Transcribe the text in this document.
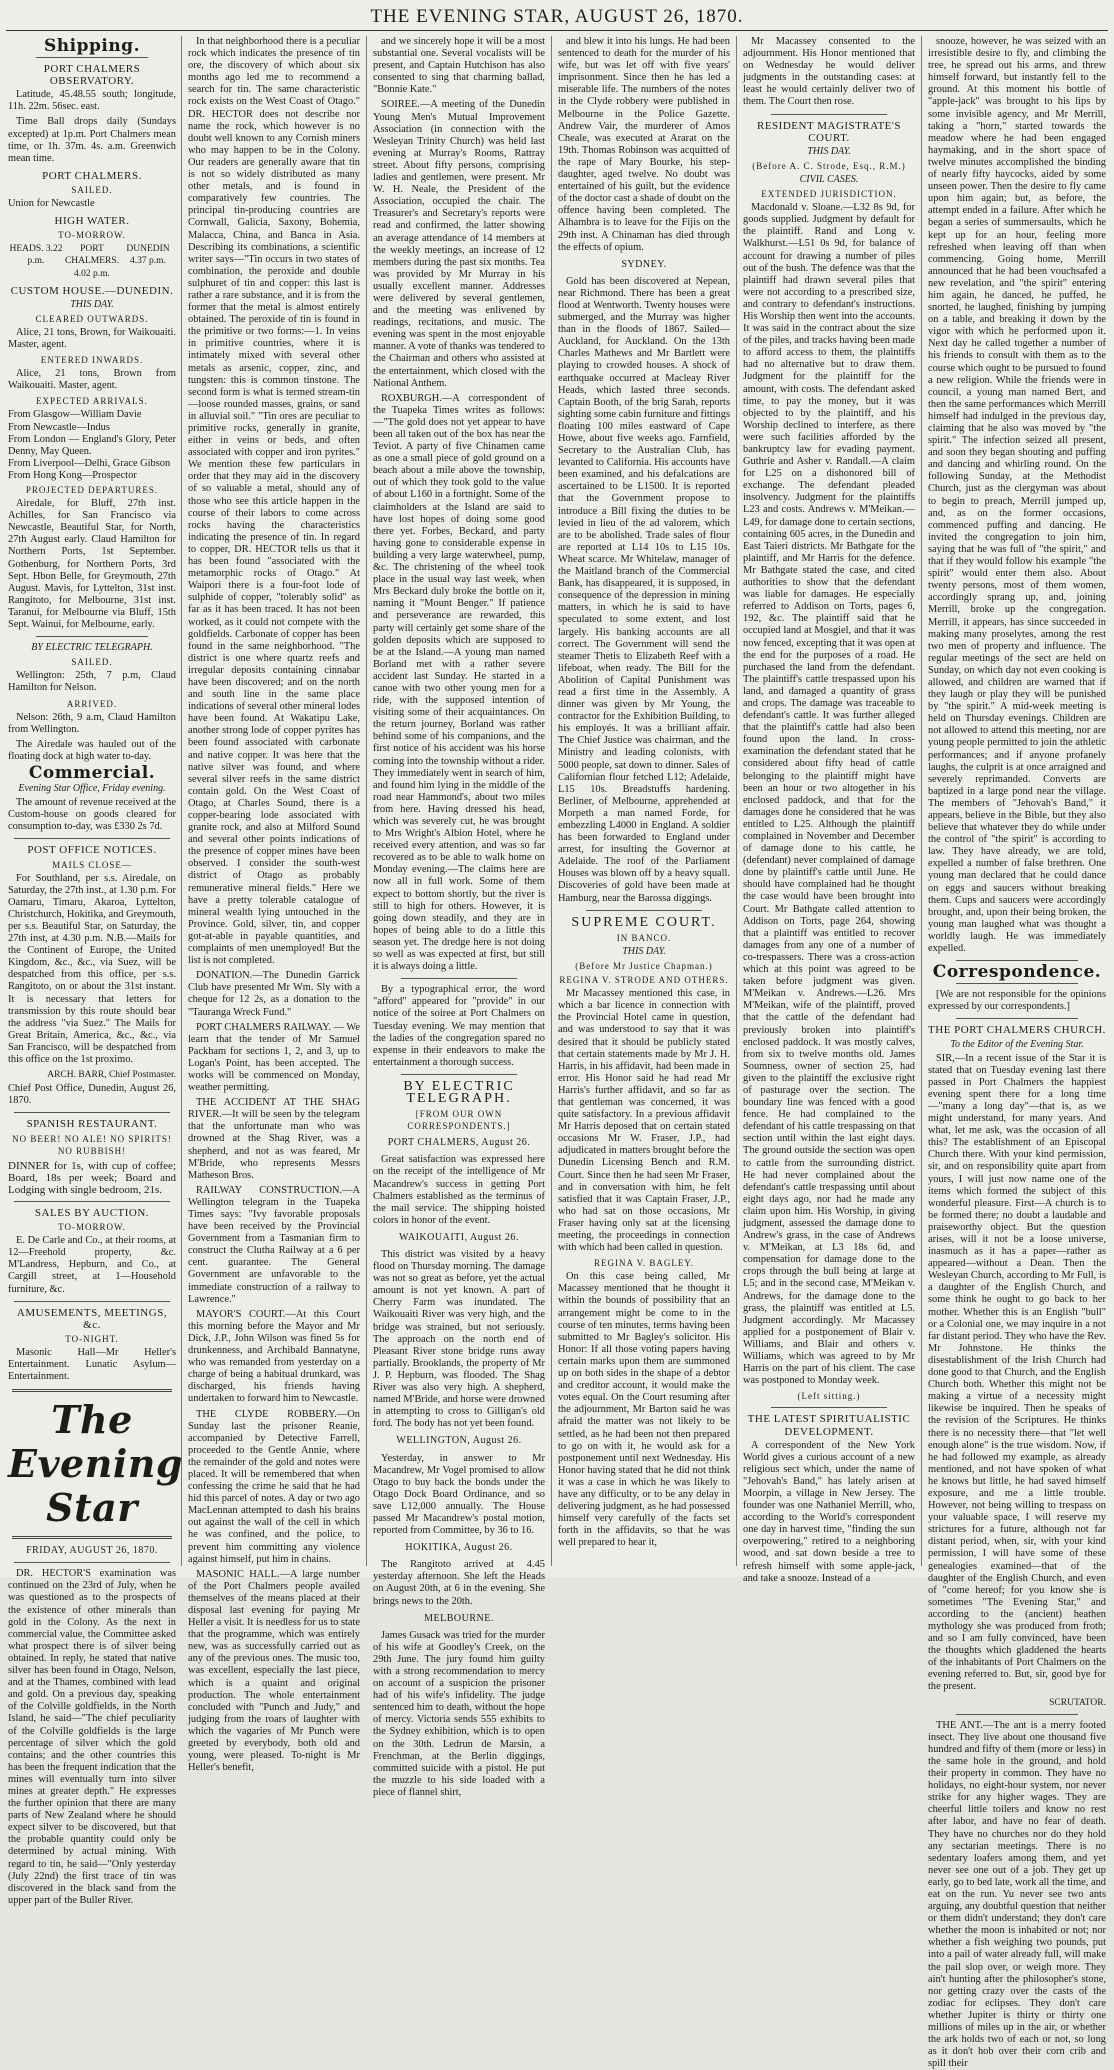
THE EVENING STAR, AUGUST 26, 1870.
Shipping.
PORT CHALMERS OBSERVATORY.

Latitude, 45.48.55 south; longitude, 11h. 22m. 56sec. east.

Time Ball drops daily (Sundays excepted) at 1p.m. Port Chalmers mean time, or 1h. 37m. 4s. a.m. Greenwich mean time.

PORT CHALMERS.
SAILED.

Union for Newcastle

HIGH WATER.
TO-MORROW.
HEADS. 3.22 p.m.
PORT CHALMERS. 4.02 p.m.
DUNEDIN 4.37 p.m.
CUSTOM HOUSE.—DUNEDIN.
THIS DAY.
CLEARED OUTWARDS.

Alice, 21 tons, Brown, for Waikouaiti. Master, agent.

ENTERED INWARDS.

Alice, 21 tons, Brown from Waikouaiti. Master, agent.

EXPECTED ARRIVALS.

From Glasgow—William Davie

From Newcastle—Indus

From London — England's Glory, Peter Denny, May Queen.

From Liverpool—Delhi, Grace Gibson

From Hong Kong—Prospector

PROJECTED DEPARTURES.

Airedale, for Bluff, 27th inst. Achilles, for San Francisco via Newcastle, Beautiful Star, for North, 27th August early. Claud Hamilton for Northern Ports, 1st September. Gothenburg, for Northern Ports, 3rd Sept. Hbon Belle, for Greymouth, 27th August. Mavis, for Lyttelton, 31st inst. Rangitoto, for Melbourne, 31st inst. Taranui, for Melbourne via Bluff, 15th Sept. Wainui, for Melbourne, early.

BY ELECTRIC TELEGRAPH.
SAILED.

Wellington: 25th, 7 p.m, Claud Hamilton for Nelson.

ARRIVED.

Nelson: 26th, 9 a.m, Claud Hamilton from Wellington.

The Airedale was hauled out of the floating dock at high water to-day.

Commercial.
Evening Star Office, Friday evening.

The amount of revenue received at the Custom-house on goods cleared for consumption to-day, was £330 2s 7d.

POST OFFICE NOTICES.
MAILS CLOSE—

For Southland, per s.s. Airedale, on Saturday, the 27th inst., at 1.30 p.m. For Oamaru, Timaru, Akaroa, Lyttelton, Christchurch, Hokitika, and Greymouth, per s.s. Beautiful Star, on Saturday, the 27th inst, at 4.30 p.m. N.B.—Mails for the Continent of Europe, the United Kingdom, &c., &c., via Suez, will be despatched from this office, per s.s. Rangitoto, on or about the 31st instant. It is necessary that letters for transmission by this route should bear the address "via Suez." The Mails for Great Britain, America, &c., &c., via San Francisco, will be despatched from this office on the 1st proximo.

ARCH. BARR, Chief Postmaster.

Chief Post Office, Dunedin, August 26, 1870.

SPANISH RESTAURANT.
NO BEER! NO ALE! NO SPIRITS! NO RUBBISH!

DINNER for 1s, with cup of coffee; Board, 18s per week; Board and Lodging with single bedroom, 21s.

SALES BY AUCTION.
TO-MORROW.

E. De Carle and Co., at their rooms, at 12—Freehold property, &c. M'Landress, Hepburn, and Co., at Cargill street, at 1—Household furniture, &c.

AMUSEMENTS, MEETINGS, &c.
TO-NIGHT.

Masonic Hall—Mr Heller's Entertainment. Lunatic Asylum—Entertainment.

The Evening Star
FRIDAY, AUGUST 26, 1870.

DR. HECTOR'S examination was continued on the 23rd of July, when he was questioned as to the prospects of the existence of other minerals than gold in the Colony. As the next in commercial value, the Committee asked what prospect there is of silver being obtained. In reply, he stated that native silver has been found in Otago, Nelson, and at the Thames, combined with lead and gold. On a previous day, speaking of the Colville goldfields, in the North Island, he said—"The chief peculiarity of the Colville goldfields is the large percentage of silver which the gold contains; and the other countries this has been the frequent indication that the mines will eventually turn into silver mines at greater depth." He expresses the further opinion that there are many parts of New Zealand where he should expect silver to be discovered, but that the probable quantity could only be determined by actual mining. With regard to tin, he said—"Only yesterday (July 22nd) the first trace of tin was discovered in the black sand from the upper part of the Buller River.

In that neighborhood there is a peculiar rock which indicates the presence of tin ore, the discovery of which about six months ago led me to recommend a search for tin. The same characteristic rock exists on the West Coast of Otago." DR. HECTOR does not describe nor name the rock, which however is no doubt well known to any Cornish miners who may happen to be in the Colony. Our readers are generally aware that tin is not so widely distributed as many other metals, and is found in comparatively few countries. The principal tin-producing countries are Cornwall, Galicia, Saxony, Bohemia, Malacca, China, and Banca in Asia. Describing its combinations, a scientific writer says—"Tin occurs in two states of combination, the peroxide and double sulphuret of tin and copper: this last is rather a rare substance, and it is from the former that the metal is almost entirely obtained. The peroxide of tin is found in the primitive or two forms:—1. In veins in primitive countries, where it is intimately mixed with several other metals as arsenic, copper, zinc, and tungsten: this is common tinstone. The second form is what is termed stream-tin—loose rounded masses, grains, or sand in alluvial soil." "Tin ores are peculiar to primitive rocks, generally in granite, either in veins or beds, and often associated with copper and iron pyrites." We mention these few particulars in order that they may aid in the discovery of so valuable a metal, should any of those who see this article happen in the course of their labors to come across rocks having the characteristics indicating the presence of tin. In regard to copper, DR. HECTOR tells us that it has been found "associated with the metamorphic rocks of Otago." At Waipori there is a four-foot lode of sulphide of copper, "tolerably solid" as far as it has been traced. It has not been worked, as it could not compete with the goldfields. Carbonate of copper has been found in the same neighborhood. "The district is one where quartz reefs and irregular deposits containing cinnabar have been discovered; and on the north and south line in the same place indications of several other mineral lodes have been found. At Wakatipu Lake, another strong lode of copper pyrites has been found associated with carbonate and native copper. It was here that the native silver was found, and where several silver reefs in the same district contain gold. On the West Coast of Otago, at Charles Sound, there is a copper-bearing lode associated with granite rock, and also at Milford Sound and several other points indications of the presence of copper mines have been observed. I consider the south-west district of Otago as probably remunerative mineral fields." Here we have a pretty tolerable catalogue of mineral wealth lying untouched in the Province. Gold, silver, tin, and copper got-at-able in payable quantities, and complaints of men unemployed! But the list is not completed.

DONATION.—The Dunedin Garrick Club have presented Mr Wm. Sly with a cheque for 12 2s, as a donation to the "Tauranga Wreck Fund."

PORT CHALMERS RAILWAY. — We learn that the tender of Mr Samuel Packham for sections 1, 2, and 3, up to Logan's Point, has been accepted. The works will be commenced on Monday, weather permitting.

THE ACCIDENT AT THE SHAG RIVER.—It will be seen by the telegram that the unfortunate man who was drowned at the Shag River, was a shepherd, and not as was feared, Mr M'Bride, who represents Messrs Matheson Bros.

RAILWAY CONSTRUCTION.—A Wellington telegram in the Tuapeka Times says: "Ivy favorable proposals have been received by the Provincial Government from a Tasmanian firm to construct the Clutha Railway at a 6 per cent. guarantee. The General Government are unfavorable to the immediate construction of a railway to Lawrence."

MAYOR'S COURT.—At this Court this morning before the Mayor and Mr Dick, J.P., John Wilson was fined 5s for drunkenness, and Archibald Bannatyne, who was remanded from yesterday on a charge of being a habitual drunkard, was discharged, his friends having undertaken to forward him to Newcastle.

THE CLYDE ROBBERY.—On Sunday last the prisoner Reanie, accompanied by Detective Farrell, proceeded to the Gentle Annie, where the remainder of the gold and notes were placed. It will be remembered that when confessing the crime he said that he had hid this parcel of notes. A day or two ago MacLennan attempted to dash his brains out against the wall of the cell in which he was confined, and the police, to prevent him committing any violence against himself, put him in chains.

MASONIC HALL.—A large number of the Port Chalmers people availed themselves of the means placed at their disposal last evening for paying Mr Heller a visit. It is needless for us to state that the programme, which was entirely new, was as successfully carried out as any of the previous ones. The music too, was excellent, especially the last piece, which is a quaint and original production. The whole entertainment concluded with "Punch and Judy," and judging from the roars of laughter with which the vagaries of Mr Punch were greeted by everybody, both old and young, were pleased. To-night is Mr Heller's benefit,

and we sincerely hope it will be a most substantial one. Several vocalists will be present, and Captain Hutchison has also consented to sing that charming ballad, "Bonnie Kate."

SOIREE.—A meeting of the Dunedin Young Men's Mutual Improvement Association (in connection with the Wesleyan Trinity Church) was held last evening at Murray's Rooms, Rattray street. About fifty persons, comprising ladies and gentlemen, were present. Mr W. H. Neale, the President of the Association, occupied the chair. The Treasurer's and Secretary's reports were read and confirmed, the latter showing an average attendance of 14 members at the weekly meetings, an increase of 12 members during the past six months. Tea was provided by Mr Murray in his usually excellent manner. Addresses were delivered by several gentlemen, and the meeting was enlivened by readings, recitations, and music. The evening was spent in the most enjoyable manner. A vote of thanks was tendered to the Chairman and others who assisted at the entertainment, which closed with the National Anthem.

ROXBURGH.—A correspondent of the Tuapeka Times writes as follows:—"The gold does not yet appear to have been all taken out of the box has near the Teviot. A party of five Chinamen came as one a small piece of gold ground on a beach about a mile above the township, out of which they took gold to the value of about L160 in a fortnight. Some of the claimholders at the Island are said to have lost hopes of doing some good there yet. Forbes, Beckard, and party having gone to considerable expense in building a very large waterwheel, pump, &c. The christening of the wheel took place in the usual way last week, when Mrs Beckard duly broke the bottle on it, naming it "Mount Benger." If patience and perseverance are rewarded, this party will certainly get some share of the golden deposits which are supposed to be at the Island.—A young man named Borland met with a rather severe accident last Sunday. He started in a canoe with two other young men for a ride, with the supposed intention of visiting some of their acquaintances. On the return journey, Borland was rather behind some of his companions, and the first notice of his accident was his horse coming into the township without a rider. They immediately went in search of him, and found him lying in the middle of the road near Hammond's, about two miles from here. Having dressed his head, which was severely cut, he was brought to Mrs Wright's Albion Hotel, where he received every attention, and was so far recovered as to be able to walk home on Monday evening.—The claims here are now all in full work. Some of them expect to bottom shortly, but the river is still to high for others. However, it is going down steadily, and they are in hopes of being able to do a little this season yet. The dredge here is not doing so well as was expected at first, but still it is always doing a little.

By a typographical error, the word "afford" appeared for "provide" in our notice of the soiree at Port Chalmers on Tuesday evening. We may mention that the ladies of the congregation spared no expense in their endeavors to make the entertainment a thorough success.

BY ELECTRIC TELEGRAPH.
[FROM OUR OWN CORRESPONDENTS.]
PORT CHALMERS, August 26.

Great satisfaction was expressed here on the receipt of the intelligence of Mr Macandrew's success in getting Port Chalmers established as the terminus of the mail service. The shipping hoisted colors in honor of the event.

WAIKOUAITI, August 26.

This district was visited by a heavy flood on Thursday morning. The damage was not so great as before, yet the actual amount is not yet known. A part of Cherry Farm was inundated. The Waikouaiti River was very high, and the bridge was strained, but not seriously. The approach on the north end of Pleasant River stone bridge runs away partially. Brooklands, the property of Mr J. P. Hepburn, was flooded. The Shag River was also very high. A shepherd, named M'Bride, and horse were drowned in attempting to cross to Gilligan's old ford. The body has not yet been found.

WELLINGTON, August 26.

Yesterday, in answer to Mr Macandrew, Mr Vogel promised to allow Otago to buy back the bonds under the Otago Dock Board Ordinance, and so save L12,000 annually. The House passed Mr Macandrew's postal motion, reported from Committee, by 36 to 16.

HOKITIKA, August 26.

The Rangitoto arrived at 4.45 yesterday afternoon. She left the Heads on August 20th, at 6 in the evening. She brings news to the 20th.

MELBOURNE.

James Gusack was tried for the murder of his wife at Goodley's Creek, on the 29th June. The jury found him guilty with a strong recommendation to mercy on account of a suspicion the prisoner had of his wife's infidelity. The judge sentenced him to death, without the hope of mercy. Victoria sends 555 exhibits to the Sydney exhibition, which is to open on the 30th. Ledrun de Marsin, a Frenchman, at the Berlin diggings, committed suicide with a pistol. He put the muzzle to his side loaded with a piece of flannel shirt,

and blew it into his lungs. He had been sentenced to death for the murder of his wife, but was let off with five years' imprisonment. Since then he has led a miserable life. The numbers of the notes in the Clyde robbery were published in Melbourne in the Police Gazette. Andrew Vair, the murderer of Amos Cheale, was executed at Ararat on the 19th. Thomas Robinson was acquitted of the rape of Mary Bourke, his step-daughter, aged twelve. No doubt was entertained of his guilt, but the evidence of the doctor cast a shade of doubt on the offence having been completed. The Alhambra is to leave for the Fijis on the 29th inst. A Chinaman has died through the effects of opium.

SYDNEY.

Gold has been discovered at Nepean, near Richmond. There has been a great flood at Wentworth. Twenty houses were submerged, and the Murray was higher than in the floods of 1867. Sailed—Auckland, for Auckland. On the 13th Charles Mathews and Mr Bartlett were playing to crowded houses. A shock of earthquake occurred at Macleay River Heads, which lasted three seconds. Captain Booth, of the brig Sarah, reports sighting some cabin furniture and fittings floating 100 miles eastward of Cape Howe, about five weeks ago. Farnfield, Secretary to the Australian Club, has levanted to California. His accounts have been examined, and his defalcations are ascertained to be L1500. It is reported that the Government propose to introduce a Bill fixing the duties to be levied in lieu of the ad valorem, which are to be abolished. Trade sales of flour are reported at L14 10s to L15 10s. Wheat scarce. Mr Whitelaw, manager of the Maitland branch of the Commercial Bank, has disappeared, it is supposed, in consequence of the depression in mining matters, in which he is said to have speculated to some extent, and lost largely. His banking accounts are all correct. The Government will send the steamer Thetis to Elizabeth Reef with a lifeboat, when ready. The Bill for the Abolition of Capital Punishment was read a first time in the Assembly. A dinner was given by Mr Young, the contractor for the Exhibition Building, to his employés. It was a brilliant affair. The Chief Justice was chairman, and the Ministry and leading colonists, with 5000 people, sat down to dinner. Sales of Californian flour fetched L12; Adelaide, L15 10s. Breadstuffs hardening. Berliner, of Melbourne, apprehended at Morpeth a man named Forde, for embezzling L4000 in England. A soldier has been forwarded to England under arrest, for insulting the Governor at Adelaide. The roof of the Parliament Houses was blown off by a heavy squall. Discoveries of gold have been made at Hamburg, near the Barossa diggings.

SUPREME COURT.
IN BANCO.
THIS DAY.
(Before Mr Justice Chapman.)
REGINA V. STRODE AND OTHERS.

Mr Macassey mentioned this case, in which a bar licence in connection with the Provincial Hotel came in question, and was understood to say that it was desired that it should be publicly stated that certain statements made by Mr J. H. Harris, in his affidavit, had been made in error. His Honor said he had read Mr Harris's further affidavit, and so far as that gentleman was concerned, it was quite satisfactory. In a previous affidavit Mr Harris deposed that on certain stated occasions Mr W. Fraser, J.P., had adjudicated in matters brought before the Dunedin Licensing Bench and R.M. Court. Since then he had seen Mr Fraser, and in conversation with him, he felt satisfied that it was Captain Fraser, J.P., who had sat on those occasions, Mr Fraser having only sat at the licensing meeting, the proceedings in connection with which had been called in question.

REGINA V. BAGLEY.

On this case being called, Mr Macassey mentioned that he thought it within the bounds of possibility that an arrangement might be come to in the course of ten minutes, terms having been submitted to Mr Bagley's solicitor. His Honor: If all those voting papers having certain marks upon them are summoned up on both sides in the shape of a debtor and creditor account, it would make the votes equal. On the Court resuming after the adjournment, Mr Barton said he was afraid the matter was not likely to be settled, as he had been not then prepared to go on with it, he would ask for a postponement until next Wednesday. His Honor having stated that he did not think it was a case in which he was likely to have any difficulty, or to be any delay in delivering judgment, as he had possessed himself very carefully of the facts set forth in the affidavits, so that he was well prepared to hear it,

Mr Macassey consented to the adjournment. His Honor mentioned that on Wednesday he would deliver judgments in the outstanding cases: at least he would certainly deliver two of them. The Court then rose.

RESIDENT MAGISTRATE'S COURT.
THIS DAY.
(Before A. C. Strode, Esq., R.M.)
CIVIL CASES.
EXTENDED JURISDICTION.

Macdonald v. Sloane.—L32 8s 9d, for goods supplied. Judgment by default for the plaintiff. Rand and Long v. Walkhurst.—L51 0s 9d, for balance of account for drawing a number of piles out of the bush. The defence was that the plaintiff had drawn several piles that were not according to a prescribed size, and contrary to defendant's instructions. His Worship then went into the accounts. It was said in the contract about the size of the piles, and tracks having been made to afford access to them, the plaintiffs had no alternative but to draw them. Judgment for the plaintiff for the amount, with costs. The defendant asked time, to pay the money, but it was objected to by the plaintiff, and his Worship declined to interfere, as there were such facilities afforded by the bankruptcy law for evading payment. Guthrie and Asher v. Randall.—A claim for L25 on a dishonored bill of exchange. The defendant pleaded insolvency. Judgment for the plaintiffs L23 and costs. Andrews v. M'Meikan.—L49, for damage done to certain sections, containing 605 acres, in the Dunedin and East Taieri districts. Mr Bathgate for the plaintiff, and Mr Harris for the defence. Mr Bathgate stated the case, and cited authorities to show that the defendant was liable for damages. He especially referred to Addison on Torts, pages 6, 192, &c. The plaintiff said that he occupied land at Mosgiel, and that it was now fenced, excepting that it was open at the end for the purposes of a road. He purchased the land from the defendant. The plaintiff's cattle trespassed upon his land, and damaged a quantity of grass and crops. The damage was traceable to defendant's cattle. It was further alleged that the plaintiff's cattle had also been found upon the land. In cross-examination the defendant stated that he considered about fifty head of cattle belonging to the plaintiff might have been an hour or two altogether in his enclosed paddock, and that for the damages done he considered that he was entitled to L25. Although the plaintiff complained in November and December of damage done to his cattle, he (defendant) never complained of damage done by plaintiff's cattle until June. He should have complained had he thought the case would have been brought into Court. Mr Bathgate called attention to Addison on Torts, page 264, showing that a plaintiff was entitled to recover damages from any one of a number of co-trespassers. There was a cross-action which at this point was agreed to be taken before judgment was given. M'Meikan v. Andrews.—L26. Mrs M'Meikan, wife of the plaintiff, proved that the cattle of the defendant had previously broken into plaintiff's enclosed paddock. It was mostly calves, from six to twelve months old. James Soumness, owner of section 25, had given to the plaintiff the exclusive right of pasturage over the section. The boundary line was fenced with a good fence. He had complained to the defendant of his cattle trespassing on that section until within the last eight days. The ground outside the section was open to cattle from the surrounding district. He had never complained about the defendant's cattle trespassing until about eight days ago, nor had he made any claim upon him. His Worship, in giving judgment, assessed the damage done to Andrew's grass, in the case of Andrews v. M'Meikan, at L3 18s 6d, and compensation for damage done to the crops through the bull being at large at L5; and in the second case, M'Meikan v. Andrews, for the damage done to the grass, the plaintiff was entitled at L5. Judgment accordingly. Mr Macassey applied for a postponement of Blair v. Williams, and Blair and others v. Williams, which was agreed to by Mr Harris on the part of his client. The case was postponed to Monday week.

(Left sitting.)
THE LATEST SPIRITUALISTIC DEVELOPMENT.

A correspondent of the New York World gives a curious account of a new religious sect which, under the name of "Jehovah's Band," has lately arisen at Moorpin, a village in New Jersey. The founder was one Nathaniel Merrill, who, according to the World's correspondent one day in harvest time, "finding the sun overpowering," retired to a neighboring wood, and sat down beside a tree to refresh himself with some apple-jack, and take a snooze. Instead of a

snooze, however, he was seized with an irresistible desire to fly, and climbing the tree, he spread out his arms, and threw himself forward, but instantly fell to the ground. At this moment his bottle of "apple-jack" was brought to his lips by some invisible agency, and Mr Merrill, taking a "horn," started towards the meadow where he had been engaged haymaking, and in the short space of twelve minutes accomplished the binding of nearly fifty haycocks, aided by some unseen power. Then the desire to fly came upon him again; but, as before, the attempt ended in a failure. After which he began a series of summersaults, which he kept up for an hour, feeling more refreshed when leaving off than when commencing. Going home, Merrill announced that he had been vouchsafed a new revelation, and "the spirit" entering him again, he danced, he puffed, he snorted, he laughed, finishing by jumping on a table, and breaking it down by the vigor with which he performed upon it. Next day he called together a number of his friends to consult with them as to the course which ought to be pursued to found a new religion. While the friends were in council, a young man named Bert, and then the same performances which Merrill himself had indulged in the previous day, claiming that he also was moved by "the spirit." The infection seized all present, and soon they began shouting and puffing and dancing and whirling round. On the following Sunday, at the Methodist Church, just as the clergyman was about to begin to preach, Merrill jumped up, and, as on the former occasions, commenced puffing and dancing. He invited the congregation to join him, saying that he was full of "the spirit," and that if they would follow his example "the spirit" would enter them also. About twenty persons, most of them women, accordingly sprang up, and, joining Merrill, broke up the congregation. Merrill, it appears, has since succeeded in making many proselytes, among the rest two men of property and influence. The regular meetings of the sect are held on Sunday, on which day not even cooking is allowed, and children are warned that if they laugh or play they will be punished by "the spirit." A mid-week meeting is held on Thursday evenings. Children are not allowed to attend this meeting, nor are young people permitted to join the athletic performances; and if anyone profanely laughs, the culprit is at once arraigned and severely reprimanded. Converts are baptized in a large pond near the village. The members of "Jehovah's Band," it appears, believe in the Bible, but they also believe that whatever they do while under the control of "the spirit" is according to law. They have already, we are told, expelled a number of false brethren. One young man declared that he could dance on eggs and saucers without breaking them. Cups and saucers were accordingly brought, and, upon their being broken, the young man laughed what was thought a worldly laugh. He was immediately expelled.

Correspondence.

[We are not responsible for the opinions expressed by our correspondents.]

THE PORT CHALMERS CHURCH.
To the Editor of the Evening Star.

SIR,—In a recent issue of the Star it is stated that on Tuesday evening last there passed in Port Chalmers the happiest evening spent there for a long time—"many a long day"—that is, as we might understand, for many years. And what, let me ask, was the occasion of all this? The establishment of an Episcopal Church there. With your kind permission, sir, and on responsibility quite apart from yours, I will just now name one of the items which formed the subject of this wonderful pleasure. First—A church is to be formed there; no doubt a laudable and praiseworthy object. But the question arises, will it not be a loose universe, inasmuch as it has a paper—rather as appeared—without a Dean. Then the Wesleyan Church, according to Mr Full, is a daughter of the English Church, and some think he ought to go back to her mother. Whether this is an English "bull" or a Colonial one, we may inquire in a not far distant period. They who have the Rev. Mr Johnstone. He thinks the disestablishment of the Irish Church had done good to that Church, and the English Church both. Whether this might not be making a virtue of a necessity might likewise be inquired. Then he speaks of the revision of the Scriptures. He thinks there is no necessity there—that "let well enough alone" is the true wisdom. Now, if he had followed my example, as already mentioned, and not have spoken of what he knows but little, he had saved himself exposure, and me a little trouble. However, not being willing to trespass on your valuable space, I will reserve my strictures for a future, although not far distant period, when, sir, with your kind permission, I will have some of these genealogies examined—that of the daughter of the English Church, and even of "come hereof; for you know she is sometimes "The Evening Star," and according to the (ancient) heathen mythology she was produced from froth; and so I am fully convinced, have been the thoughts which gladdened the hearts of the inhabitants of Port Chalmers on the evening referred to. But, sir, good bye for the present.

SCRUTATOR.

THE ANT.—The ant is a merry footed insect. They live about one thousand five hundred and fifty of them (more or less) in the same hole in the ground, and hold their property in common. They have no holidays, no eight-hour system, nor never strike for any higher wages. They are cheerful little toilers and know no rest after labor, and have no fear of death. They have no churches nor do they hold any sectarian meetings. There is no sedentary loafers among them, and yet never see one out of a job. They get up early, go to bed late, work all the time, and eat on the run. Yu never see two ants arguing, any doubtful question that neither or them didn't understand; they don't care whether the moon is inhabited or not; nor whether a fish weighing two pounds, put into a pail of water already full, will make the pail slop over, or weigh more. They ain't hunting after the philosopher's stone, nor getting crazy over the casts of the zodiac for eclipses. They don't care whether Jupiter is thirty or thirty one millions of miles up in the air, or whether the ark holds two of each or not, so long as it don't hob over their corn crib and spill their
